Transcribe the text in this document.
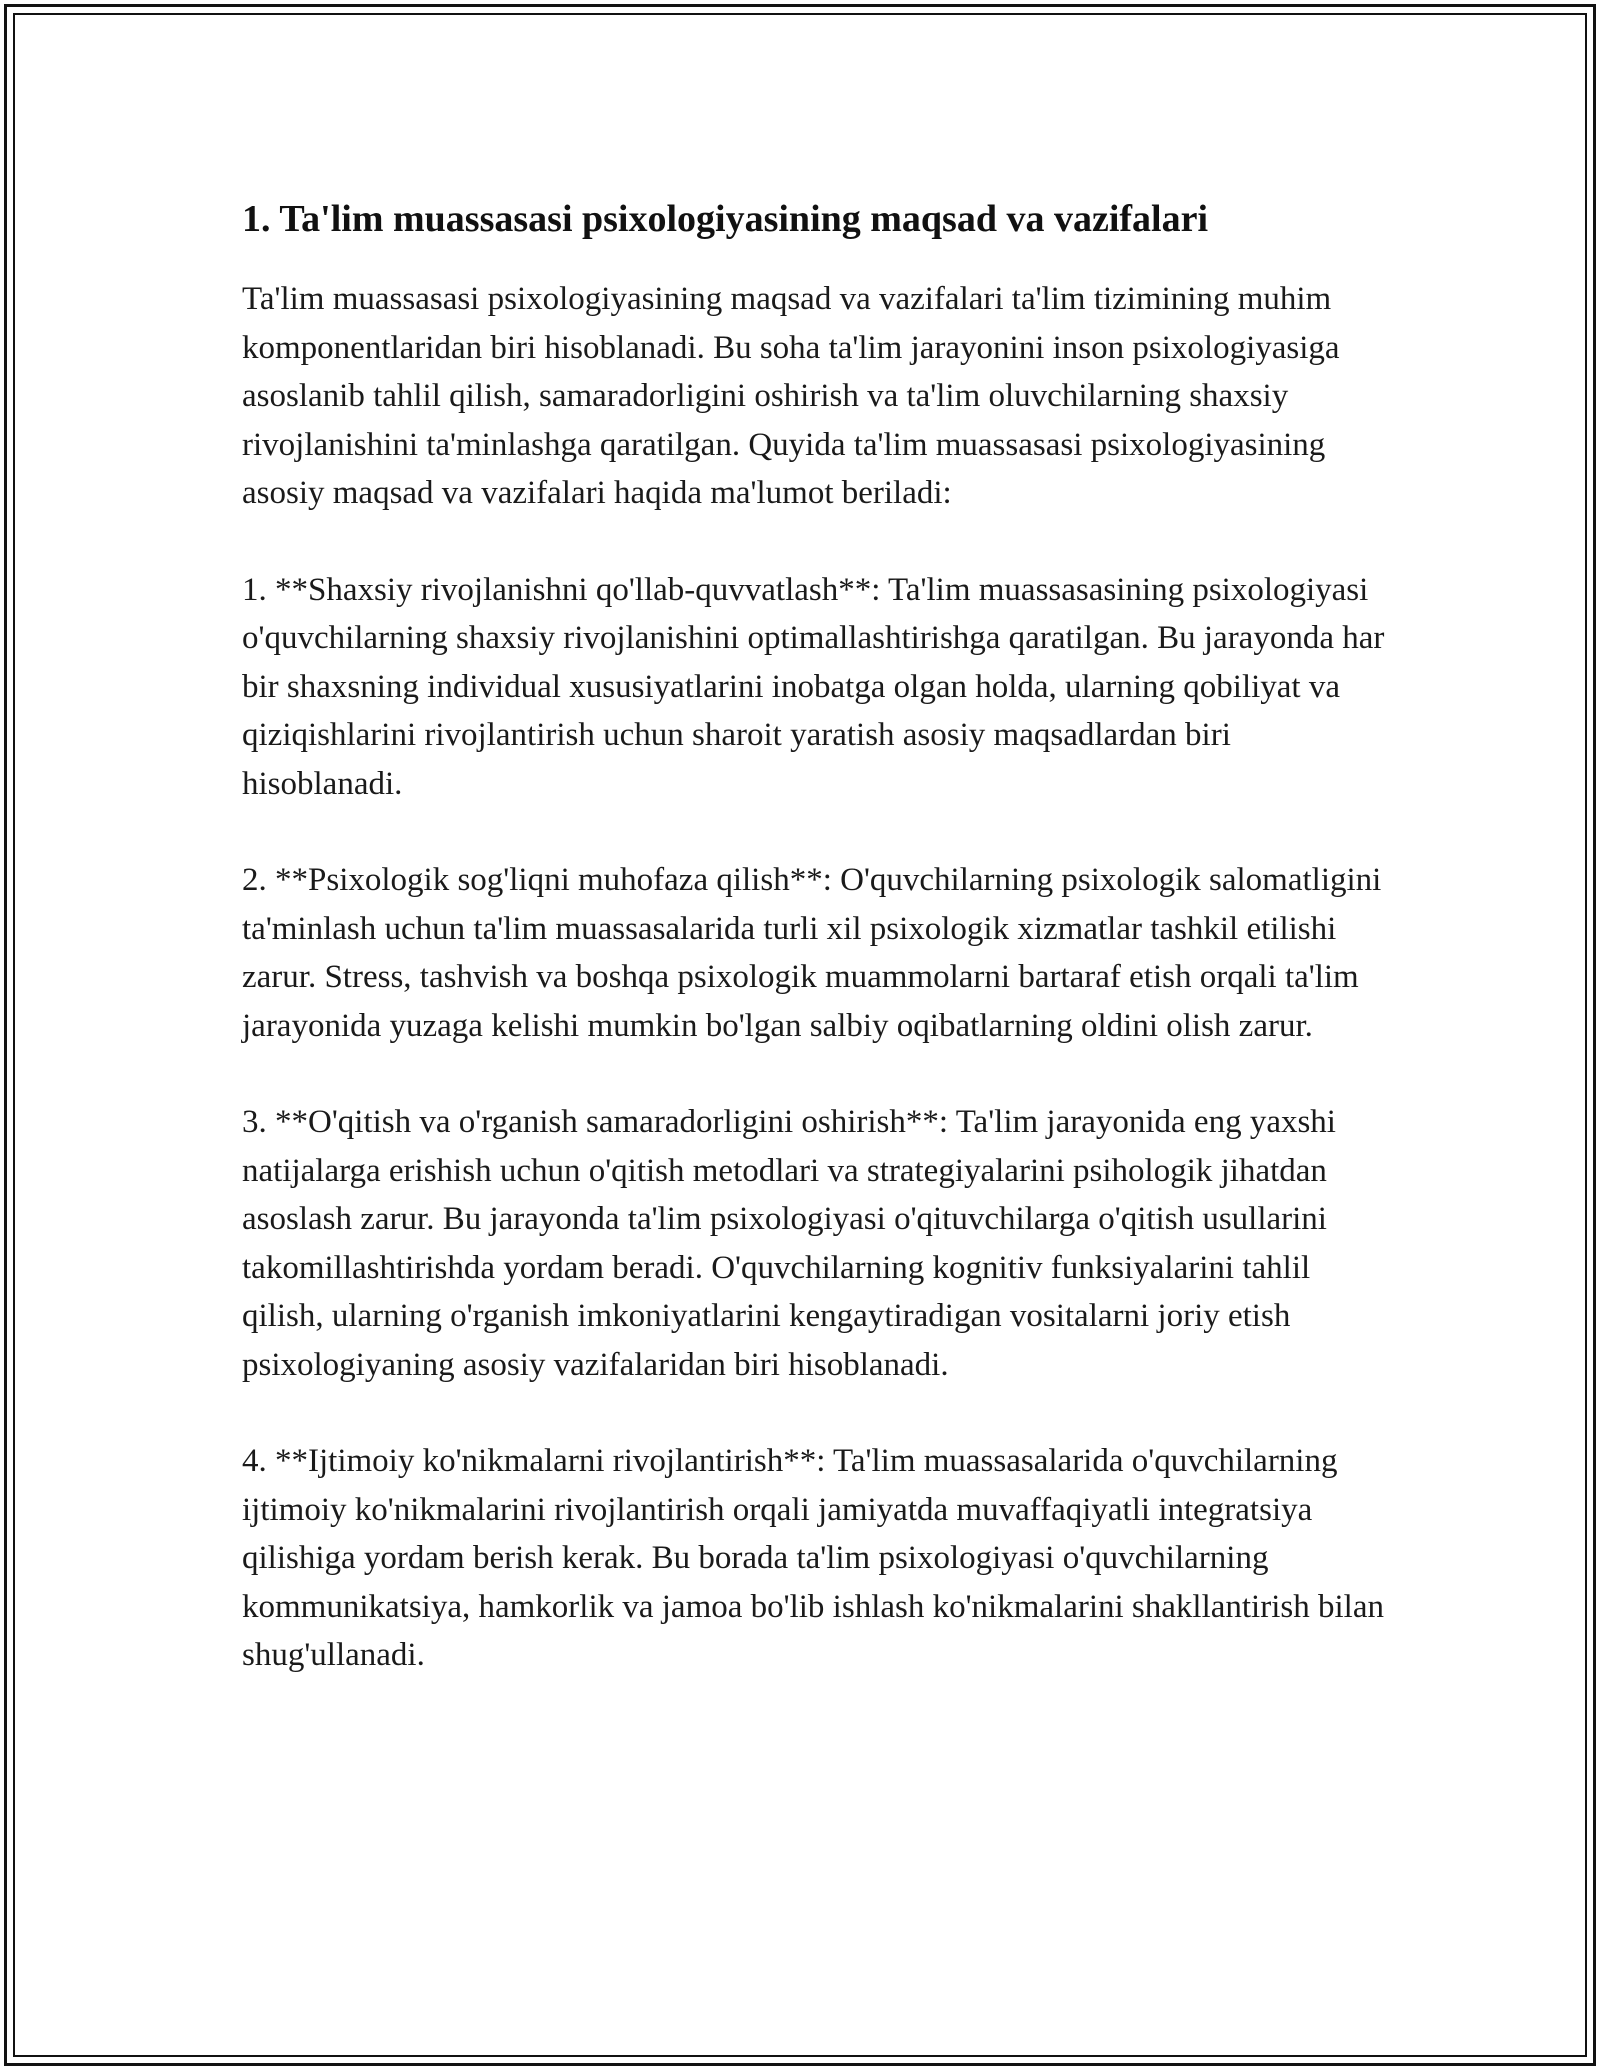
1. Ta'lim muassasasi psixologiyasining maqsad va vazifalari

Ta'lim muassasasi psixologiyasining maqsad va vazifalari ta'lim tizimining muhim komponentlaridan biri hisoblanadi. Bu soha ta'lim jarayonini inson psixologiyasiga asoslanib tahlil qilish, samaradorligini oshirish va ta'lim oluvchilarning shaxsiy rivojlanishini ta'minlashga qaratilgan. Quyida ta'lim muassasasi psixologiyasining asosiy maqsad va vazifalari haqida ma'lumot beriladi:

1. **Shaxsiy rivojlanishni qo'llab-quvvatlash**: Ta'lim muassasasining psixologiyasi o'quvchilarning shaxsiy rivojlanishini optimallashtirishga qaratilgan. Bu jarayonda har bir shaxsning individual xususiyatlarini inobatga olgan holda, ularning qobiliyat va qiziqishlarini rivojlantirish uchun sharoit yaratish asosiy maqsadlardan biri hisoblanadi.

2. **Psixologik sog'liqni muhofaza qilish**: O'quvchilarning psixologik salomatligini ta'minlash uchun ta'lim muassasalarida turli xil psixologik xizmatlar tashkil etilishi zarur. Stress, tashvish va boshqa psixologik muammolarni bartaraf etish orqali ta'lim jarayonida yuzaga kelishi mumkin bo'lgan salbiy oqibatlarning oldini olish zarur.

3. **O'qitish va o'rganish samaradorligini oshirish**: Ta'lim jarayonida eng yaxshi natijalarga erishish uchun o'qitish metodlari va strategiyalarini psihologik jihatdan asoslash zarur. Bu jarayonda ta'lim psixologiyasi o'qituvchilarga o'qitish usullarini takomillashtirishda yordam beradi. O'quvchilarning kognitiv funksiyalarini tahlil qilish, ularning o'rganish imkoniyatlarini kengaytiradigan vositalarni joriy etish psixologiyaning asosiy vazifalaridan biri hisoblanadi.

4. **Ijtimoiy ko'nikmalarni rivojlantirish**: Ta'lim muassasalarida o'quvchilarning ijtimoiy ko'nikmalarini rivojlantirish orqali jamiyatda muvaffaqiyatli integratsiya qilishiga yordam berish kerak. Bu borada ta'lim psixologiyasi o'quvchilarning kommunikatsiya, hamkorlik va jamoa bo'lib ishlash ko'nikmalarini shakllantirish bilan shug'ullanadi.
